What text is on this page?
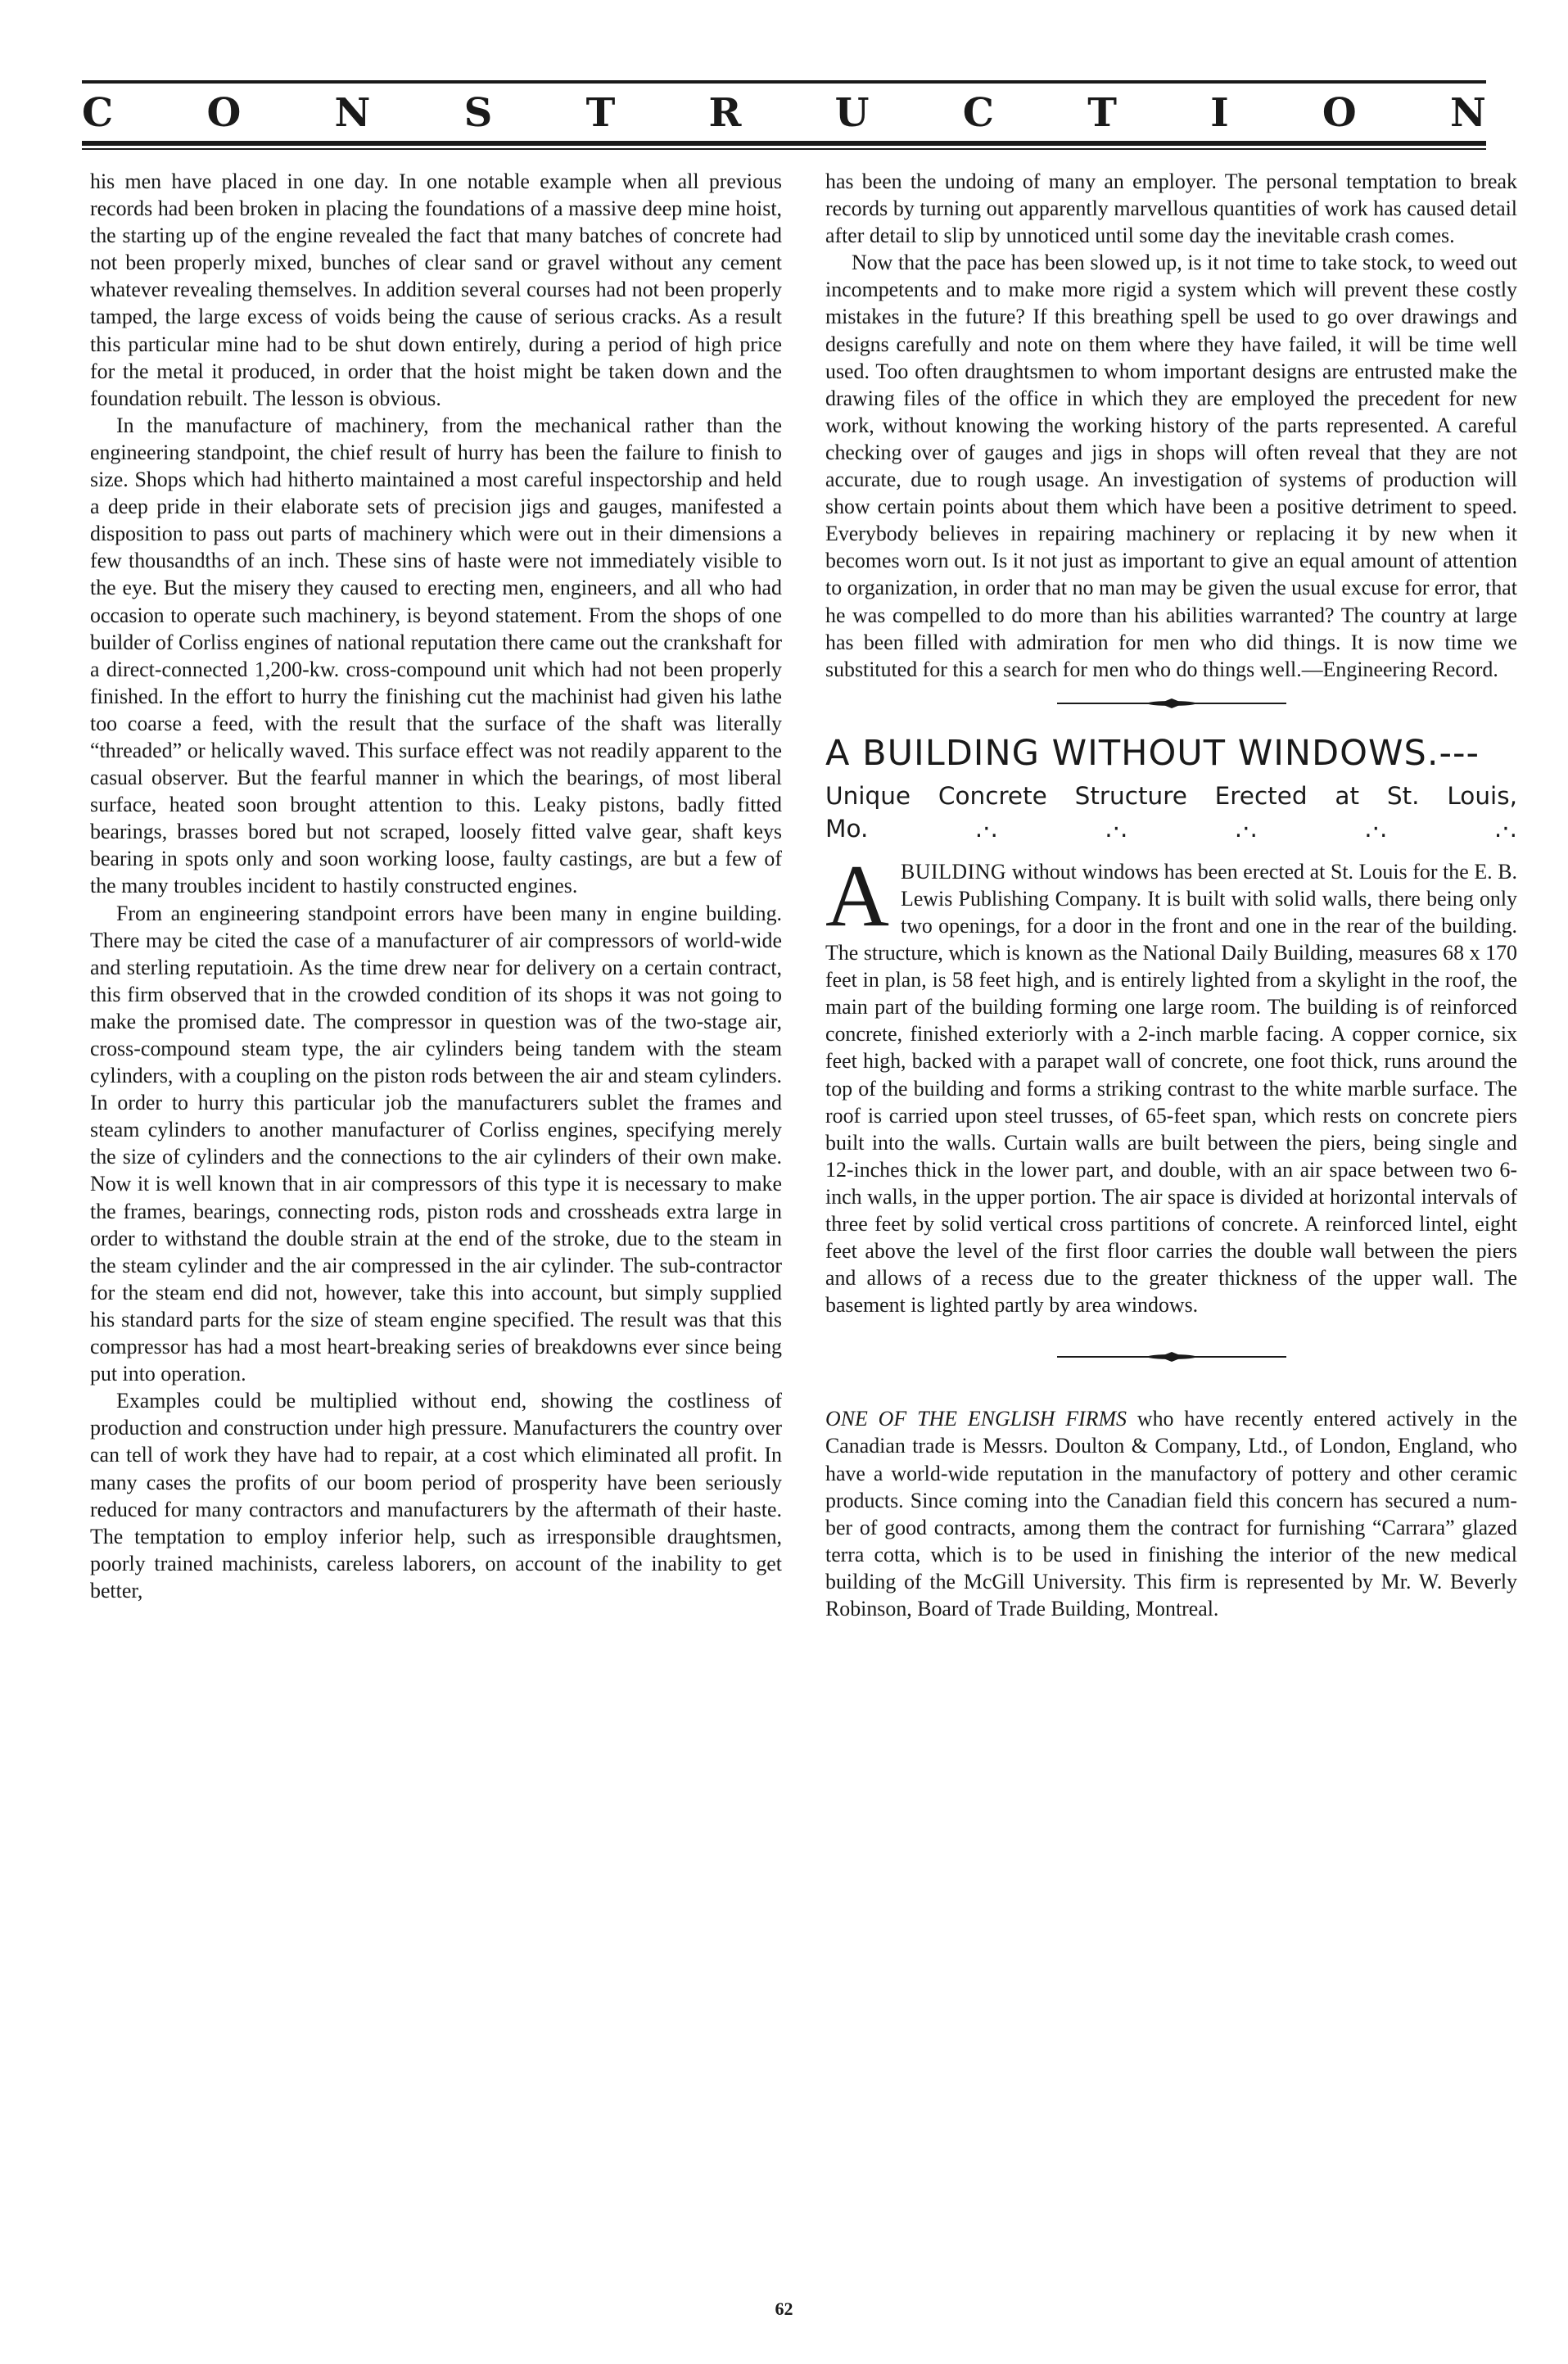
C O N S T R U C T I O N

his men have placed in one day. In one notable example when all previous records had been broken in placing the foundations of a massive deep mine hoist, the starting up of the engine revealed the fact that many batches of concrete had not been properly mixed, bunches of clear sand or gravel without any cement whatever revealing themselves. In addition several courses had not been properly tamped, the large excess of voids being the cause of serious cracks. As a result this particular mine had to be shut down entirely, during a period of high price for the metal it produced, in order that the hoist might be taken down and the foundation rebuilt. The lesson is obvious.

In the manufacture of machinery, from the mechanical rather than the engineering standpoint, the chief result of hurry has been the failure to finish to size. Shops which had hitherto maintained a most careful inspectorship and held a deep pride in their elaborate sets of precision jigs and gauges, manifested a disposition to pass out parts of machinery which were out in their dimensions a few thousandths of an inch. These sins of haste were not immediately visible to the eye. But the misery they caused to erecting men, engineers, and all who had occasion to operate such machinery, is beyond statement. From the shops of one builder of Corliss engines of national reputation there came out the crankshaft for a direct-connected 1,200-kw. cross-compound unit which had not been properly finished. In the effort to hurry the finishing cut the machinist had given his lathe too coarse a feed, with the result that the surface of the shaft was literally “threaded” or helically waved. This surface effect was not readily apparent to the casual observer. But the fearful manner in which the bearings, of most liberal surface, heated soon brought attention to this. Leaky pistons, badly fitted bearings, brasses bored but not scraped, loosely fitted valve gear, shaft keys bearing in spots only and soon working loose, faulty castings, are but a few of the many troubles incident to hastily constructed engines.

From an engineering standpoint errors have been many in engine building. There may be cited the case of a manufacturer of air compressors of world-wide and sterling reputatioin. As the time drew near for delivery on a certain contract, this firm observed that in the crowded condition of its shops it was not going to make the promised date. The compressor in question was of the two-stage air, cross-compound steam type, the air cylinders being tandem with the steam cylinders, with a coupling on the piston rods between the air and steam cylinders. In order to hurry this particular job the manufacturers sublet the frames and steam cylinders to another manufacturer of Corliss engines, specifying merely the size of cylinders and the connections to the air cylinders of their own make. Now it is well known that in air compressors of this type it is necessary to make the frames, bearings, connecting rods, piston rods and crossheads extra large in order to withstand the double strain at the end of the stroke, due to the steam in the steam cylinder and the air compressed in the air cylinder. The sub-contractor for the steam end did not, however, take this into account, but simply supplied his standard parts for the size of steam engine specified. The result was that this compressor has had a most heart-breaking series of breakdowns ever since being put into operation.

Examples could be multiplied without end, showing the costliness of production and construction under high pressure. Manufacturers the country over can tell of work they have had to repair, at a cost which eliminated all profit. In many cases the profits of our boom period of prosperity have been seriously reduced for many contractors and manufacturers by the aftermath of their haste. The temptation to employ inferior help, such as irresponsible draughtsmen, poorly trained machinists, careless laborers, on account of the inability to get better,

has been the undoing of many an employer. The personal temptation to break records by turning out apparently marvellous quantities of work has caused detail after detail to slip by unnoticed until some day the inevitable crash comes.

Now that the pace has been slowed up, is it not time to take stock, to weed out incompetents and to make more rigid a system which will prevent these costly mistakes in the future? If this breathing spell be used to go over drawings and designs carefully and note on them where they have failed, it will be time well used. Too often draughtsmen to whom important designs are entrusted make the drawing files of the office in which they are employed the precedent for new work, without knowing the working history of the parts represented. A careful checking over of gauges and jigs in shops will often reveal that they are not accurate, due to rough usage. An investigation of systems of production will show certain points about them which have been a positive detriment to speed. Everybody believes in repairing machinery or replacing it by new when it becomes worn out. Is it not just as important to give an equal amount of attention to organization, in order that no man may be given the usual excuse for error, that he was compelled to do more than his abilities warranted? The country at large has been filled with admiration for men who did things. It is now time we substituted for this a search for men who do things well.—Engineering Record.

A BUILDING WITHOUT WINDOWS.---
Unique Concrete Structure Erected at St. Louis,
Mo.	.·.	.·.	.·.	.·.	.·.

ABUILDING without windows has been erected at St. Louis for the E. B. Lewis Publishing Company. It is built with solid walls, there being only two openings, for a door in the front and one in the rear of the building. The structure, which is known as the National Daily Building, measures 68 x 170 feet in plan, is 58 feet high, and is entirely lighted from a skylight in the roof, the main part of the building forming one large room. The building is of reinforced concrete, finished exteriorly with a 2-inch marble facing. A copper cornice, six feet high, backed with a parapet wall of concrete, one foot thick, runs around the top of the building and forms a striking contrast to the white marble surface. The roof is carried upon steel trusses, of 65-feet span, which rests on concrete piers built into the walls. Curtain walls are built between the piers, being single and 12-inches thick in the lower part, and double, with an air space between two 6-inch walls, in the upper portion. The air space is divided at horizontal intervals of three feet by solid vertical cross partitions of concrete. A reinforced lintel, eight feet above the level of the first floor carries the double wall between the piers and allows of a recess due to the greater thickness of the upper wall. The basement is lighted partly by area windows.

ONE OF THE ENGLISH FIRMS who have recently entered actively in the Canadian trade is Messrs. Doulton & Company, Ltd., of London, England, who have a world-wide reputation in the manufactory of pottery and other ceramic products. Since coming into the Canadian field this concern has secured a number of good contracts, among them the contract for furnishing “Carrara” glazed terra cotta, which is to be used in finishing the interior of the new medical building of the McGill University. This firm is represented by Mr. W. Beverly Robinson, Board of Trade Building, Montreal.

62
